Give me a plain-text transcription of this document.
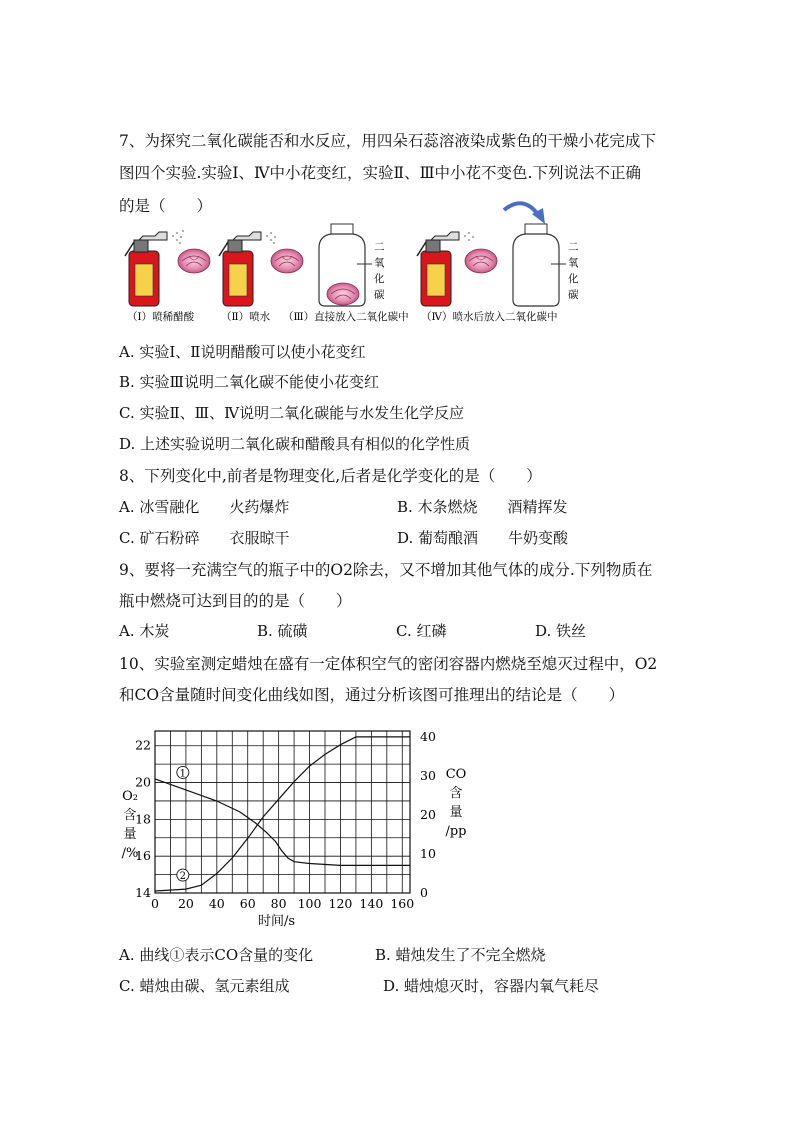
7、为探究二氧化碳能否和水反应，用四朵石蕊溶液染成紫色的干燥小花完成下
图四个实验.实验Ⅰ、Ⅳ中小花变红，实验Ⅱ、Ⅲ中小花不变色.下列说法不正确
的是（　　）
（Ⅰ）喷稀醋酸	（Ⅱ）喷水
二
氧
化
碳
（Ⅲ）直接放入二氧化碳中
二
氧
化
碳
（Ⅳ）喷水后放入二氧化碳中
A. 实验Ⅰ、Ⅱ说明醋酸可以使小花变红
B. 实验Ⅲ说明二氧化碳不能使小花变红
C. 实验Ⅱ、Ⅲ、Ⅳ说明二氧化碳能与水发生化学反应
D. 上述实验说明二氧化碳和醋酸具有相似的化学性质
8、下列变化中,前者是物理变化,后者是化学变化的是（　　）
A. 冰雪融化　　火药爆炸	B. 木条燃烧　　酒精挥发
C. 矿石粉碎　　衣服晾干	D. 葡萄酿酒　　牛奶变酸
9、要将一充满空气的瓶子中的O2除去，又不增加其他气体的成分.下列物质在
瓶中燃烧可达到目的的是（　　）
A. 木炭	B. 硫磺	C. 红磷	D. 铁丝
10、实验室测定蜡烛在盛有一定体积空气的密闭容器内燃烧至熄灭过程中，O2
和CO含量随时间变化曲线如图，通过分析该图可推理出的结论是（　　）
1
2
0 20 40 60 80 100 120 140 160
14
16
18
20
22
0
10
20
30
40
时间/s
O₂
含
量
/%
CO
含
量
/pp
A. 曲线①表示CO含量的变化	B. 蜡烛发生了不完全燃烧
C. 蜡烛由碳、氢元素组成	D. 蜡烛熄灭时，容器内氧气耗尽
